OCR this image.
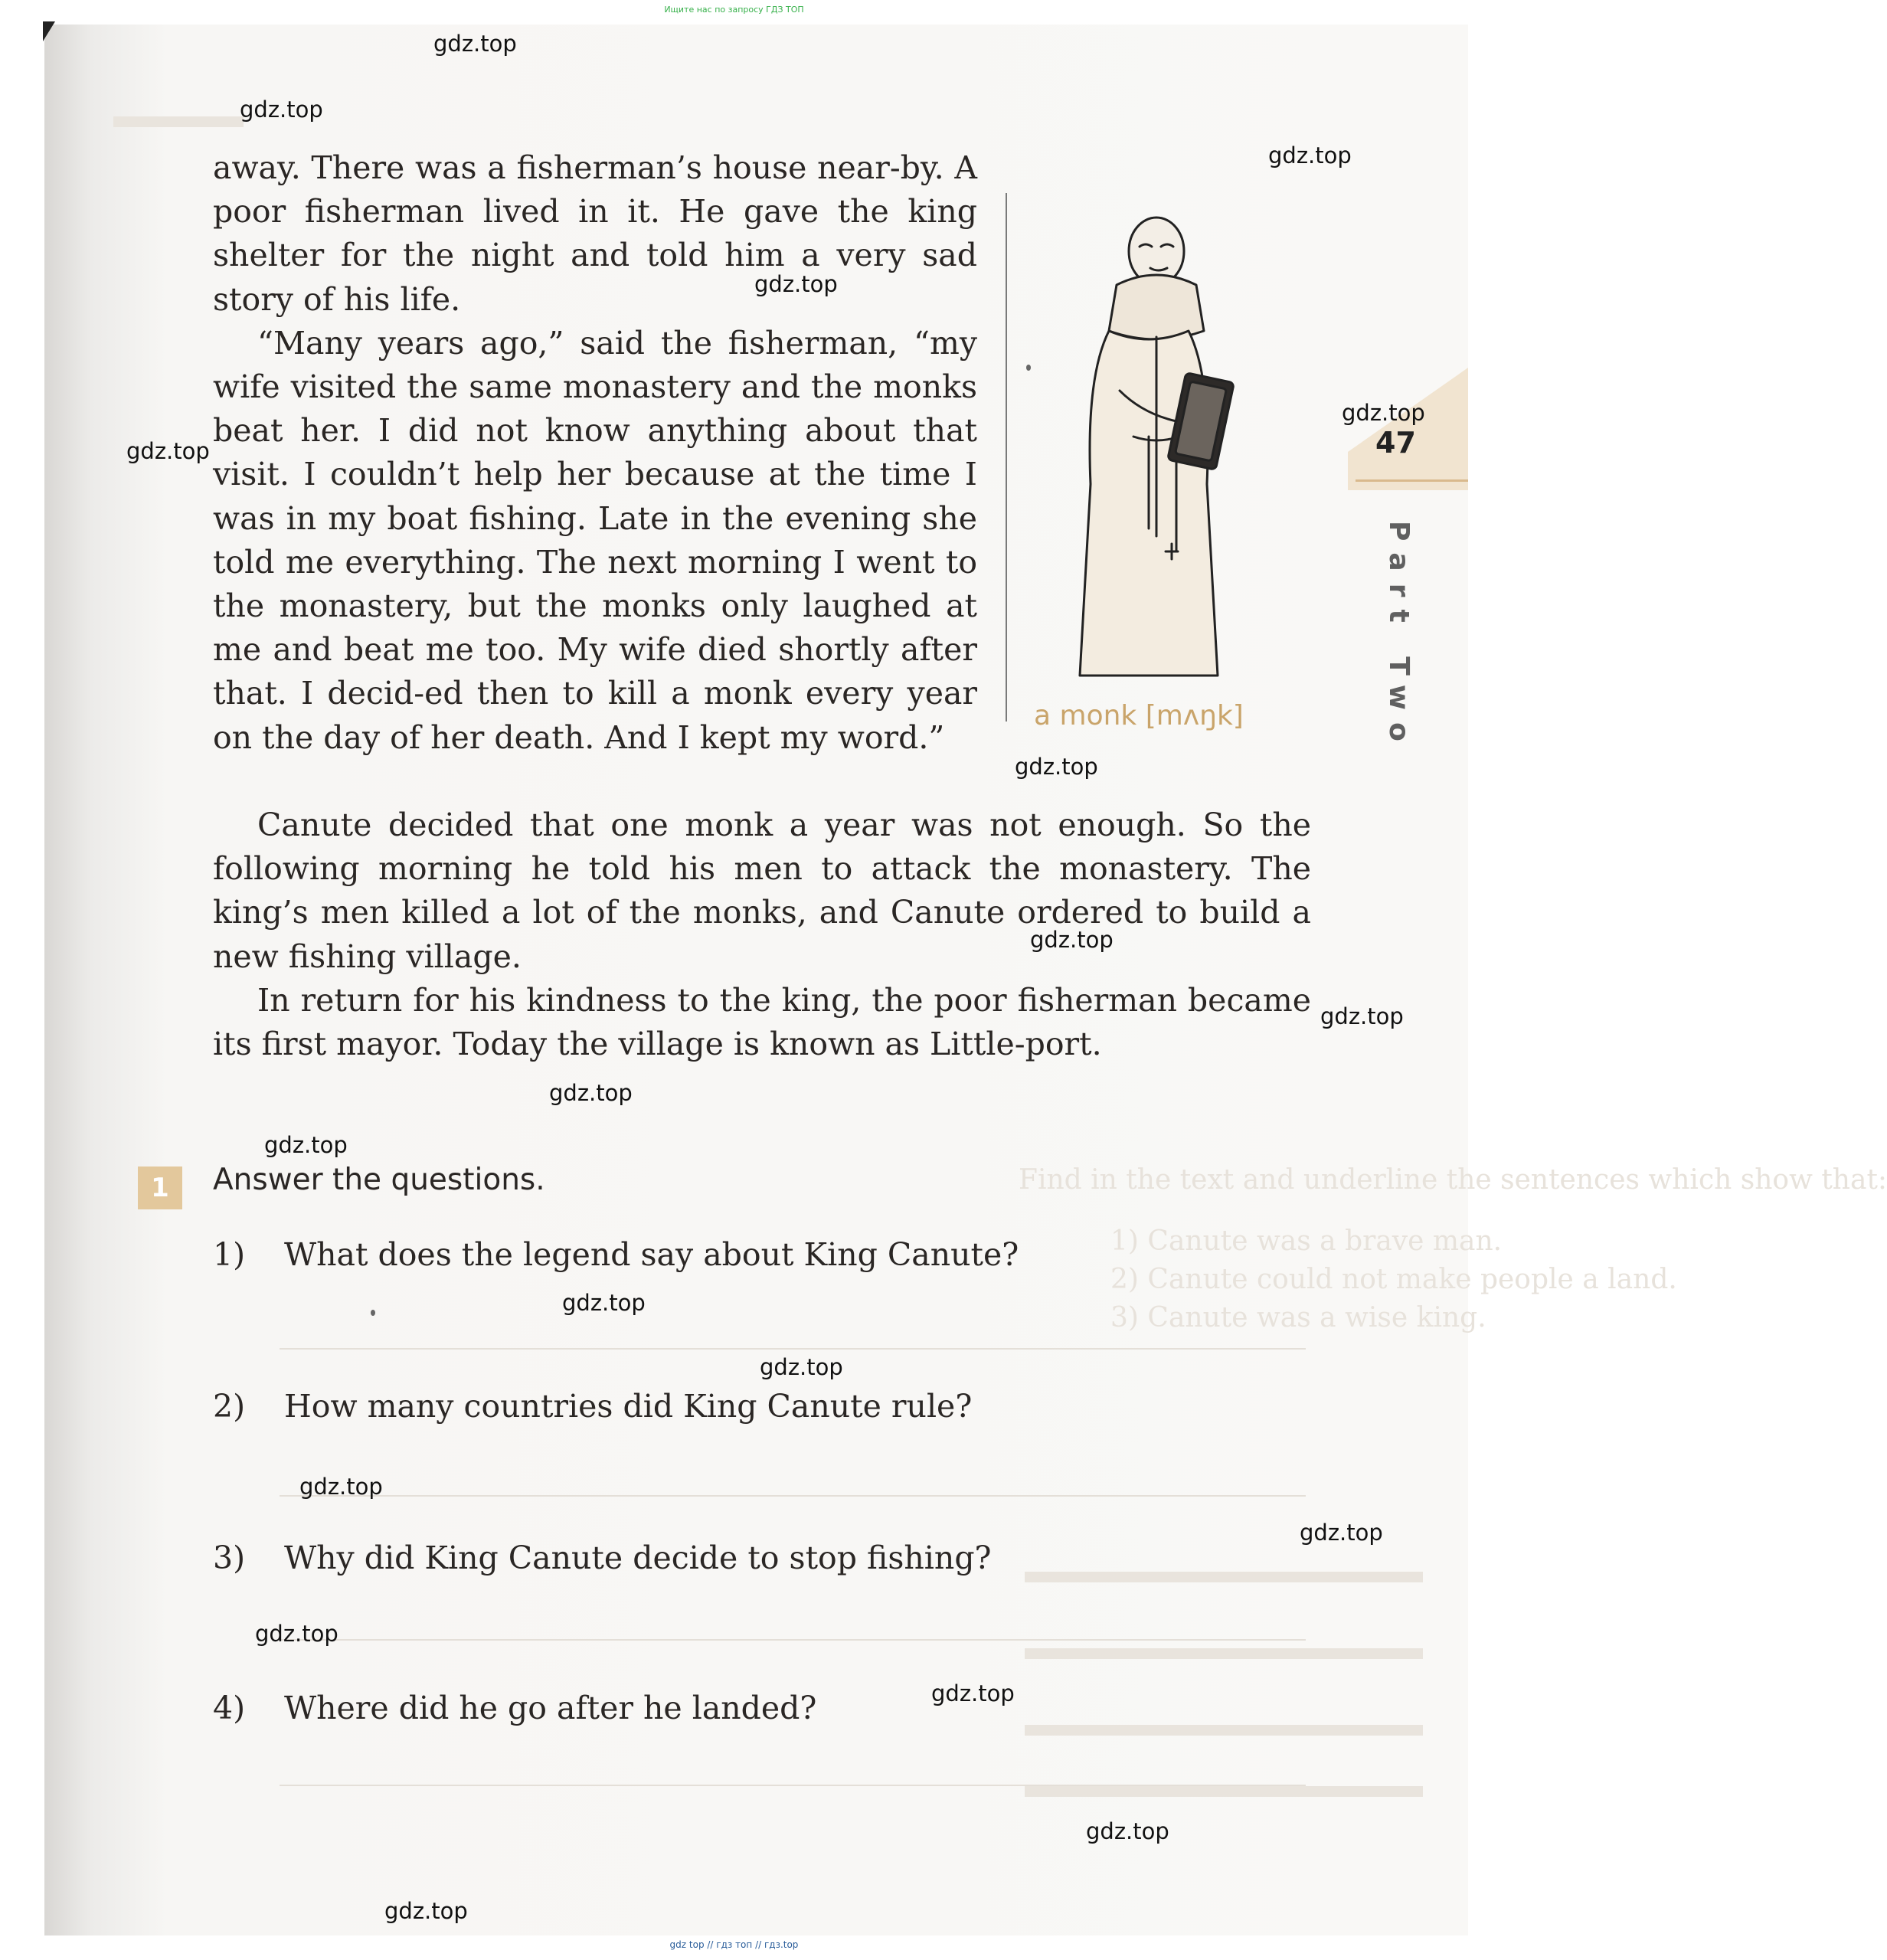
Ищите нас по запросу ГДЗ ТОП
Find in the text and underline the sentences which show that:
1) Canute was a brave man.
2) Canute could not make people a land.
3) Canute was a wise king.

away. There was a fisherman’s house near-by. A poor fisherman lived in it. He gave the king shelter for the night and told him a very sad story of his life.

“Many years ago,” said the fisherman, “my wife visited the same monastery and the monks beat her. I did not know anything about that visit. I couldn’t help her because at the time I was in my boat fishing. Late in the evening she told me everything. The next morning I went to the monastery, but the monks only laughed at me and beat me too. My wife died shortly after that. I decid-ed then to kill a monk every year on the day of her death. And I kept my word.”

a monk [mʌŋk]
47
Part Two

Canute decided that one monk a year was not enough. So the following morning he told his men to attack the monastery. The king’s men killed a lot of the monks, and Canute ordered to build a new fishing village.

In return for his kindness to the king, the poor fisherman became its first mayor. Today the village is known as Little-port.

1	Answer the questions.
1) What does the legend say about King Canute?
2) How many countries did King Canute rule?
3) Why did King Canute decide to stop fishing?
4) Where did he go after he landed?
gdz.top
gdz.top
gdz.top
gdz.top
gdz.top
gdz.top
gdz.top
gdz.top
gdz.top
gdz.top
gdz.top
gdz.top
gdz.top
gdz.top
gdz.top
gdz.top
gdz.top
gdz.top
gdz.top
gdz top // гдз топ // гдз.top
